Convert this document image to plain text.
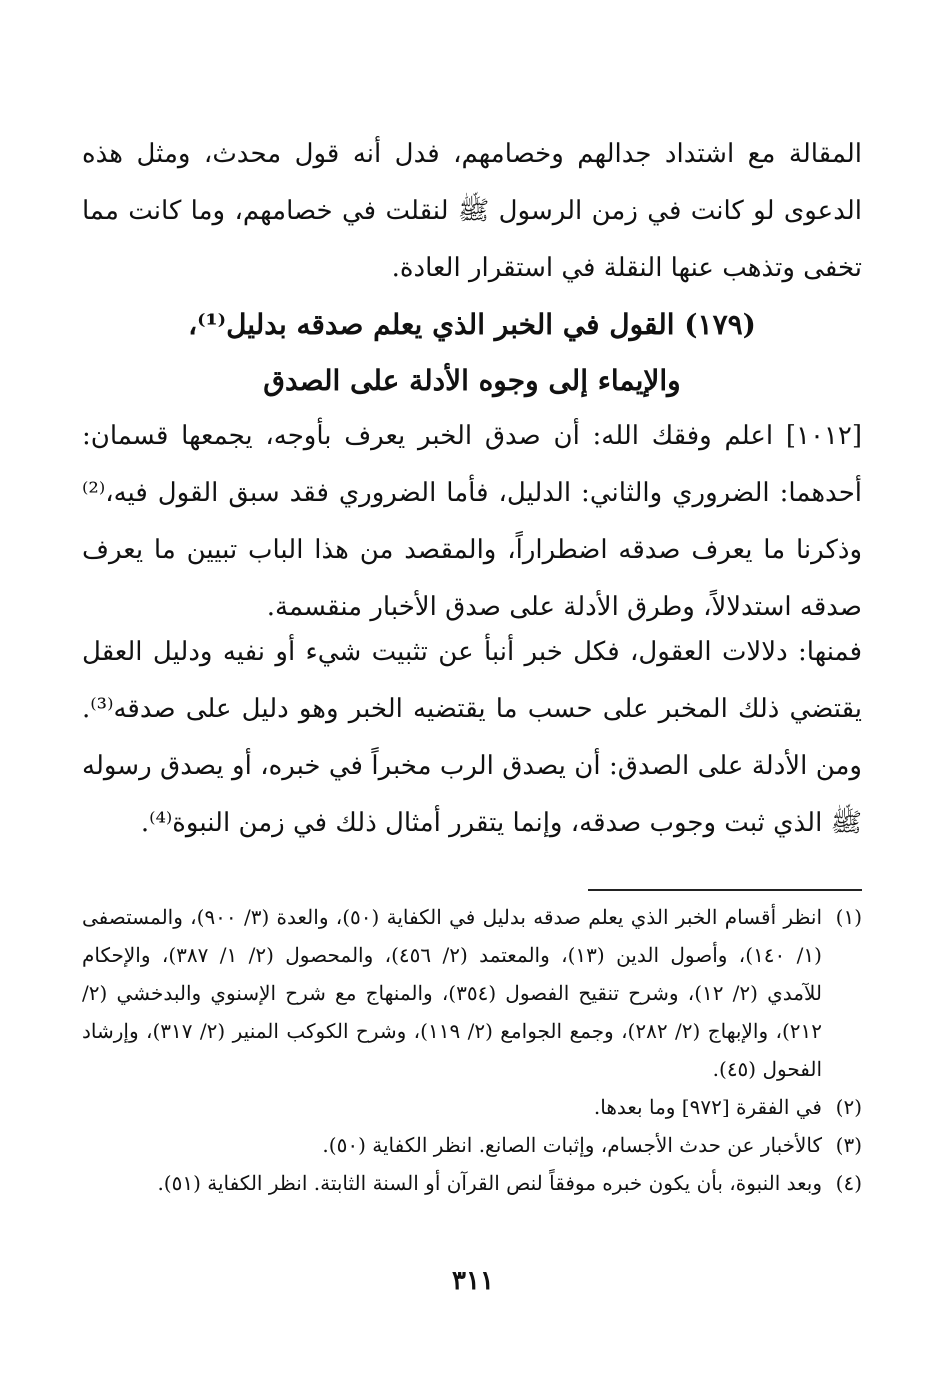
المقالة مع اشتداد جدالهم وخصامهم، فدل أنه قول محدث، ومثل هذه الدعوى لو كانت في زمن الرسول ﷺ لنقلت في خصامهم، وما كانت مما تخفى وتذهب عنها النقلة في استقرار العادة.

(١٧٩) القول في الخبر الذي يعلم صدقه بدليل⁽¹⁾،
والإيماء إلى وجوه الأدلة على الصدق

[١٠١٢] اعلم وفقك الله: أن صدق الخبر يعرف بأوجه، يجمعها قسمان: أحدهما: الضروري والثاني: الدليل، فأما الضروري فقد سبق القول فيه،⁽²⁾ وذكرنا ما يعرف صدقه اضطراراً، والمقصد من هذا الباب تبيين ما يعرف صدقه استدلالاً، وطرق الأدلة على صدق الأخبار منقسمة.

فمنها: دلالات العقول، فكل خبر أنبأ عن تثبيت شيء أو نفيه ودليل العقل يقتضي ذلك المخبر على حسب ما يقتضيه الخبر وهو دليل على صدقه⁽³⁾. ومن الأدلة على الصدق: أن يصدق الرب مخبراً في خبره، أو يصدق رسوله ﷺ الذي ثبت وجوب صدقه، وإنما يتقرر أمثال ذلك في زمن النبوة⁽⁴⁾.

(١)
انظر أقسام الخبر الذي يعلم صدقه بدليل في الكفاية (٥٠)، والعدة (٣/ ٩٠٠)، والمستصفى (١/ ١٤٠)، وأصول الدين (١٣)، والمعتمد (٢/ ٤٥٦)، والمحصول (٢/ ١/ ٣٨٧)، والإحكام للآمدي (٢/ ١٢)، وشرح تنقيح الفصول (٣٥٤)، والمنهاج مع شرح الإسنوي والبدخشي (٢/ ٢١٢)، والإبهاج (٢/ ٢٨٢)، وجمع الجوامع (٢/ ١١٩)، وشرح الكوكب المنير (٢/ ٣١٧)، وإرشاد الفحول (٤٥).
(٢)
في الفقرة [٩٧٢] وما بعدها.
(٣)
كالأخبار عن حدث الأجسام، وإثبات الصانع. انظر الكفاية (٥٠).
(٤)
وبعد النبوة، بأن يكون خبره موفقاً لنص القرآن أو السنة الثابتة. انظر الكفاية (٥١).
٣١١
